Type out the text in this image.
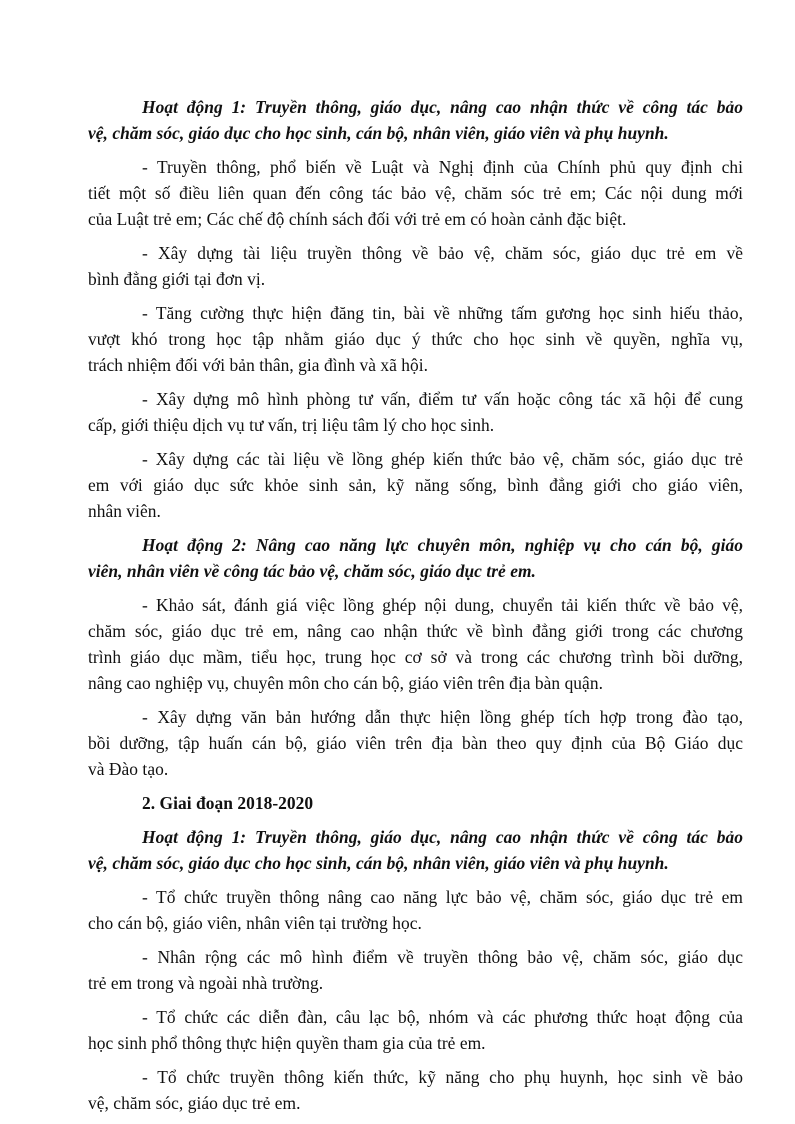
Hoạt động 1: Truyền thông, giáo dục, nâng cao nhận thức về công tác bảo
vệ, chăm sóc, giáo dục cho học sinh, cán bộ, nhân viên, giáo viên và phụ huynh.

- Truyền thông, phổ biến về Luật và Nghị định của Chính phủ quy định chi
tiết một số điều liên quan đến công tác bảo vệ, chăm sóc trẻ em; Các nội dung mới
của Luật trẻ em; Các chế độ chính sách đối với trẻ em có hoàn cảnh đặc biệt.

- Xây dựng tài liệu truyền thông về bảo vệ, chăm sóc, giáo dục trẻ em về
bình đẳng giới tại đơn vị.

- Tăng cường thực hiện đăng tin, bài về những tấm gương học sinh hiếu thảo,
vượt khó trong học tập nhằm giáo dục ý thức cho học sinh về quyền, nghĩa vụ,
trách nhiệm đối với bản thân, gia đình và xã hội.

- Xây dựng mô hình phòng tư vấn, điểm tư vấn hoặc công tác xã hội để cung
cấp, giới thiệu dịch vụ tư vấn, trị liệu tâm lý cho học sinh.

- Xây dựng các tài liệu về lồng ghép kiến thức bảo vệ, chăm sóc, giáo dục trẻ
em với giáo dục sức khỏe sinh sản, kỹ năng sống, bình đẳng giới cho giáo viên,
nhân viên.

Hoạt động 2: Nâng cao năng lực chuyên môn, nghiệp vụ cho cán bộ, giáo
viên, nhân viên về công tác bảo vệ, chăm sóc, giáo dục trẻ em.

- Khảo sát, đánh giá việc lồng ghép nội dung, chuyển tải kiến thức về bảo vệ,
chăm sóc, giáo dục trẻ em, nâng cao nhận thức về bình đẳng giới trong các chương
trình giáo dục mầm, tiểu học, trung học cơ sở và trong các chương trình bồi dưỡng,
nâng cao nghiệp vụ, chuyên môn cho cán bộ, giáo viên trên địa bàn quận.

- Xây dựng văn bản hướng dẫn thực hiện lồng ghép tích hợp trong đào tạo,
bồi dưỡng, tập huấn cán bộ, giáo viên trên địa bàn theo quy định của Bộ Giáo dục
và Đào tạo.

2. Giai đoạn 2018-2020

Hoạt động 1: Truyền thông, giáo dục, nâng cao nhận thức về công tác bảo
vệ, chăm sóc, giáo dục cho học sinh, cán bộ, nhân viên, giáo viên và phụ huynh.

- Tổ chức truyền thông nâng cao năng lực bảo vệ, chăm sóc, giáo dục trẻ em
cho cán bộ, giáo viên, nhân viên tại trường học.

- Nhân rộng các mô hình điểm về truyền thông bảo vệ, chăm sóc, giáo dục
trẻ em trong và ngoài nhà trường.

- Tổ chức các diễn đàn, câu lạc bộ, nhóm và các phương thức hoạt động của
học sinh phổ thông thực hiện quyền tham gia của trẻ em.

- Tổ chức truyền thông kiến thức, kỹ năng cho phụ huynh, học sinh về bảo
vệ, chăm sóc, giáo dục trẻ em.
